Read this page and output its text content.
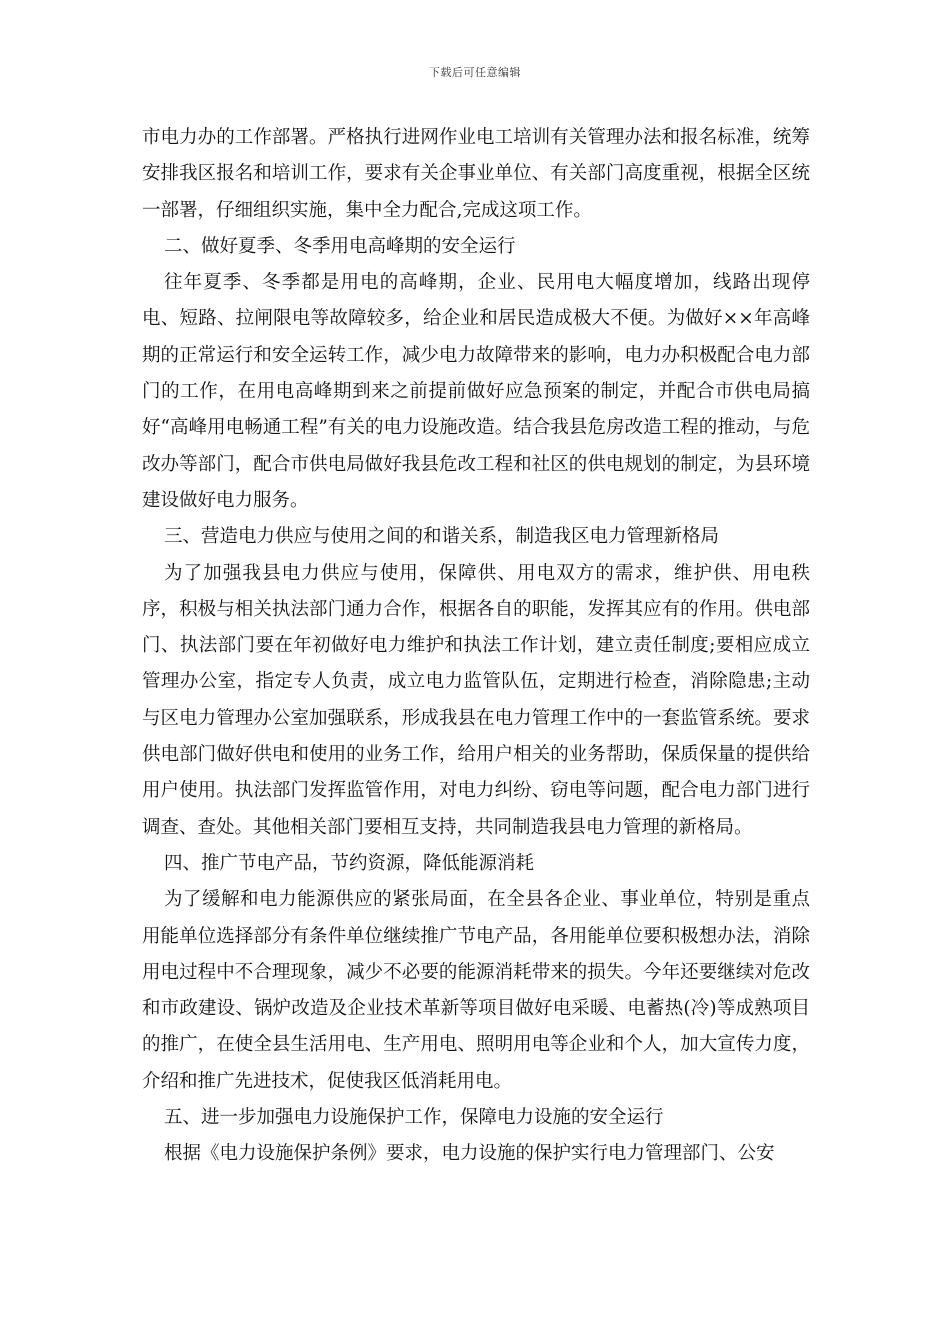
下载后可任意编辑

市电力办的工作部署。严格执行进网作业电工培训有关管理办法和报名标准，统筹安排我区报名和培训工作，要求有关企事业单位、有关部门高度重视，根据全区统一部署，仔细组织实施，集中全力配合,完成这项工作。

二、做好夏季、冬季用电高峰期的安全运行

往年夏季、冬季都是用电的高峰期，企业、民用电大幅度增加，线路出现停电、短路、拉闸限电等故障较多，给企业和居民造成极大不便。为做好××年高峰期的正常运行和安全运转工作，减少电力故障带来的影响，电力办积极配合电力部门的工作，在用电高峰期到来之前提前做好应急预案的制定，并配合市供电局搞好“高峰用电畅通工程”有关的电力设施改造。结合我县危房改造工程的推动，与危改办等部门，配合市供电局做好我县危改工程和社区的供电规划的制定，为县环境建设做好电力服务。

三、营造电力供应与使用之间的和谐关系，制造我区电力管理新格局

为了加强我县电力供应与使用，保障供、用电双方的需求，维护供、用电秩序，积极与相关执法部门通力合作，根据各自的职能，发挥其应有的作用。供电部门、执法部门要在年初做好电力维护和执法工作计划，建立责任制度;要相应成立管理办公室，指定专人负责，成立电力监管队伍，定期进行检查，消除隐患;主动与区电力管理办公室加强联系，形成我县在电力管理工作中的一套监管系统。要求供电部门做好供电和使用的业务工作，给用户相关的业务帮助，保质保量的提供给用户使用。执法部门发挥监管作用，对电力纠纷、窃电等问题，配合电力部门进行调查、查处。其他相关部门要相互支持，共同制造我县电力管理的新格局。

四、推广节电产品，节约资源，降低能源消耗

为了缓解和电力能源供应的紧张局面，在全县各企业、事业单位，特别是重点用能单位选择部分有条件单位继续推广节电产品，各用能单位要积极想办法，消除用电过程中不合理现象，减少不必要的能源消耗带来的损失。今年还要继续对危改和市政建设、锅炉改造及企业技术革新等项目做好电采暖、电蓄热(冷)等成熟项目的推广，在使全县生活用电、生产用电、照明用电等企业和个人，加大宣传力度，介绍和推广先进技术，促使我区低消耗用电。

五、进一步加强电力设施保护工作，保障电力设施的安全运行

根据《电力设施保护条例》要求，电力设施的保护实行电力管理部门、公安
